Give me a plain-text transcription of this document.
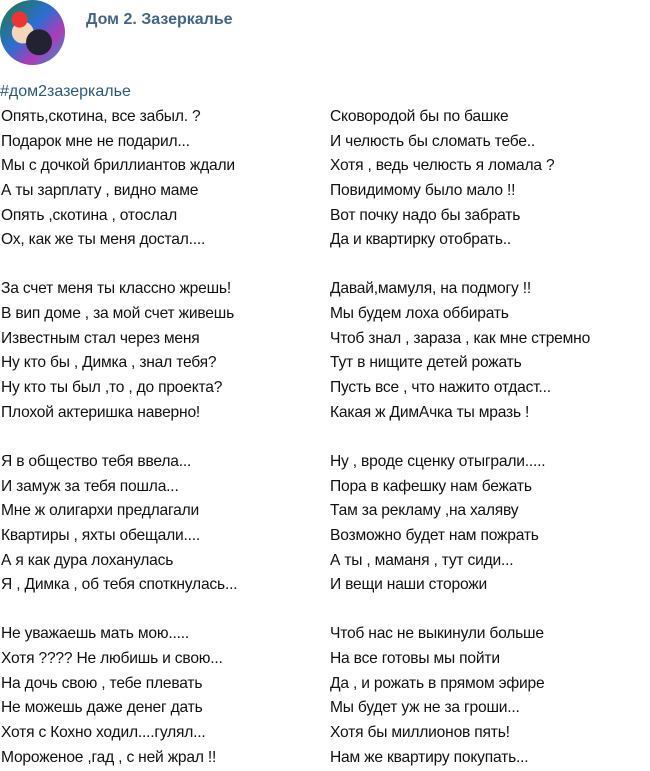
Дом 2. Зазеркалье
#дом2зазеркалье
Опять,скотина, все забыл. ?
Подарок мне не подарил...
Мы с дочкой бриллиантов ждали
А ты зарплату , видно маме
Опять ,скотина , отослал
Ох, как же ты меня достал....
За счет меня ты классно жрешь!
В вип доме , за мой счет живешь
Известным стал через меня
Ну кто бы , Димка , знал тебя?
Ну кто ты был ,то , до проекта?
Плохой актеришка наверно!
Я в общество тебя ввела...
И замуж за тебя пошла...
Мне ж олигархи предлагали
Квартиры , яхты обещали....
А я как дура лоханулась
Я , Димка , об тебя споткнулась...
Не уважаешь мать мою.....
Хотя ???? Не любишь и свою...
На дочь свою , тебе плевать
Не можешь даже денег дать
Хотя с Кохно ходил....гулял...
Мороженое ,гад , с ней жрал !!
Сковородой бы по башке
И челюсть бы сломать тебе..
Хотя , ведь челюсть я ломала ?
Повидимому было мало !!
Вот почку надо бы забрать
Да и квартирку отобрать..
Давай,мамуля, на подмогу !!
Мы будем лоха оббирать
Чтоб знал , зараза , как мне стремно
Тут в нищите детей рожать
Пусть все , что нажито отдаст...
Какая ж ДимАчка ты мразь !
Ну , вроде сценку отыграли.....
Пора в кафешку нам бежать
Там за рекламу ,на халяву
Возможно будет нам пожрать
А ты , маманя , тут сиди...
И вещи наши сторожи
Чтоб нас не выкинули больше
На все готовы мы пойти
Да , и рожать в прямом эфире
Мы будет уж не за гроши...
Хотя бы миллионов пять!
Нам же квартиру покупать...
